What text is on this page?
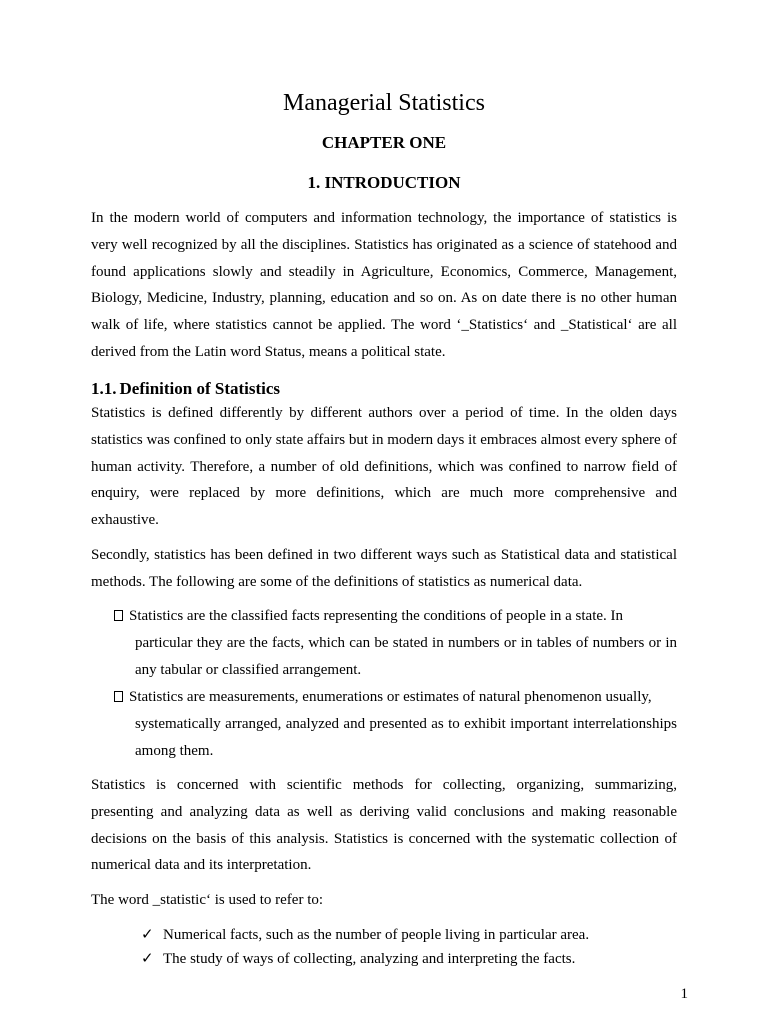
Managerial Statistics
CHAPTER ONE
1. INTRODUCTION

In the modern world of computers and information technology, the importance of statistics is very well recognized by all the disciplines. Statistics has originated as a science of statehood and found applications slowly and steadily in Agriculture, Economics, Commerce, Management, Biology, Medicine, Industry, planning, education and so on. As on date there is no other human walk of life, where statistics cannot be applied. The word ‘_Statistics‘ and _Statistical‘ are all derived from the Latin word Status, means a political state.

1.1. Definition of Statistics

Statistics is defined differently by different authors over a period of time. In the olden days statistics was confined to only state affairs but in modern days it embraces almost every sphere of human activity. Therefore, a number of old definitions, which was confined to narrow field of enquiry, were replaced by more definitions, which are much more comprehensive and exhaustive.

Secondly, statistics has been defined in two different ways such as Statistical data and statistical methods. The following are some of the definitions of statistics as numerical data.

Statistics are the classified facts representing the conditions of people in a state. In
particular they are the facts, which can be stated in numbers or in tables of numbers or in any tabular or classified arrangement.
Statistics are measurements, enumerations or estimates of natural phenomenon usually,
systematically arranged, analyzed and presented as to exhibit important interrelationships among them.

Statistics is concerned with scientific methods for collecting, organizing, summarizing, presenting and analyzing data as well as deriving valid conclusions and making reasonable decisions on the basis of this analysis. Statistics is concerned with the systematic collection of numerical data and its interpretation.

The word _statistic‘ is used to refer to:

✓ Numerical facts, such as the number of people living in particular area.
✓ The study of ways of collecting, analyzing and interpreting the facts.
1
